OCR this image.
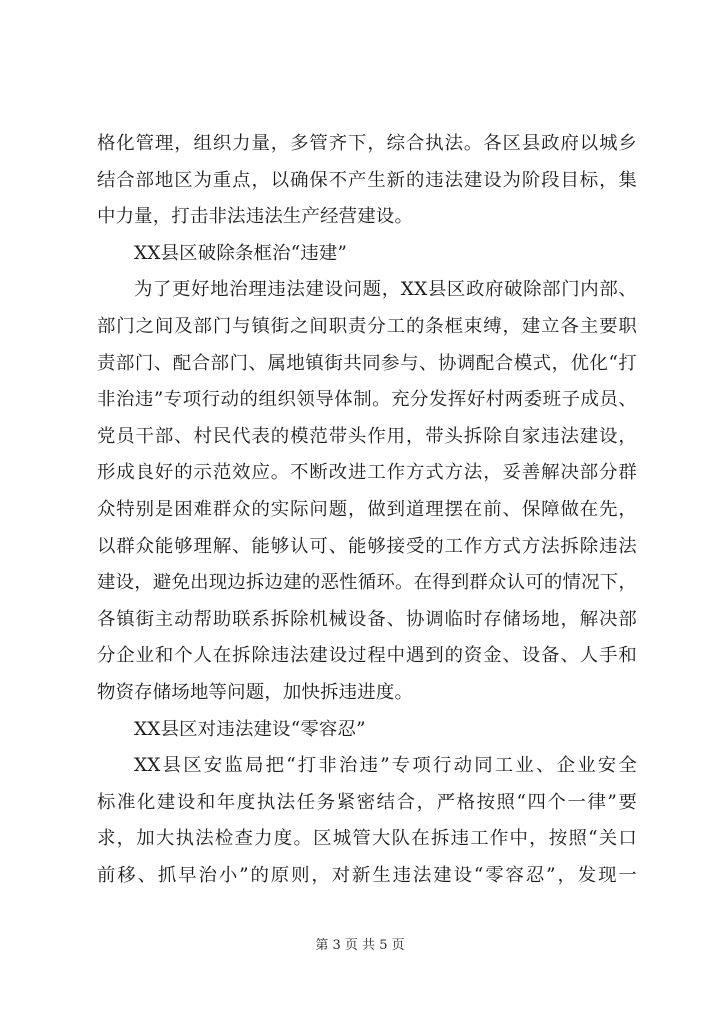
格化管理，组织力量，多管齐下，综合执法。各区县政府以城乡
结合部地区为重点，以确保不产生新的违法建设为阶段目标，集
中力量，打击非法违法生产经营建设。
XX县区破除条框治“违建”
为了更好地治理违法建设问题，XX县区政府破除部门内部、
部门之间及部门与镇街之间职责分工的条框束缚，建立各主要职
责部门、配合部门、属地镇街共同参与、协调配合模式，优化“打
非治违”专项行动的组织领导体制。充分发挥好村两委班子成员、
党员干部、村民代表的模范带头作用，带头拆除自家违法建设，
形成良好的示范效应。不断改进工作方式方法，妥善解决部分群
众特别是困难群众的实际问题，做到道理摆在前、保障做在先，
以群众能够理解、能够认可、能够接受的工作方式方法拆除违法
建设，避免出现边拆边建的恶性循环。在得到群众认可的情况下，
各镇街主动帮助联系拆除机械设备、协调临时存储场地，解决部
分企业和个人在拆除违法建设过程中遇到的资金、设备、人手和
物资存储场地等问题，加快拆违进度。
XX县区对违法建设“零容忍”
XX县区安监局把“打非治违”专项行动同工业、企业安全
标准化建设和年度执法任务紧密结合，严格按照“四个一律”要
求，加大执法检查力度。区城管大队在拆违工作中，按照“关口
前移、抓早治小”的原则，对新生违法建设“零容忍”，发现一
第 3 页 共 5 页
